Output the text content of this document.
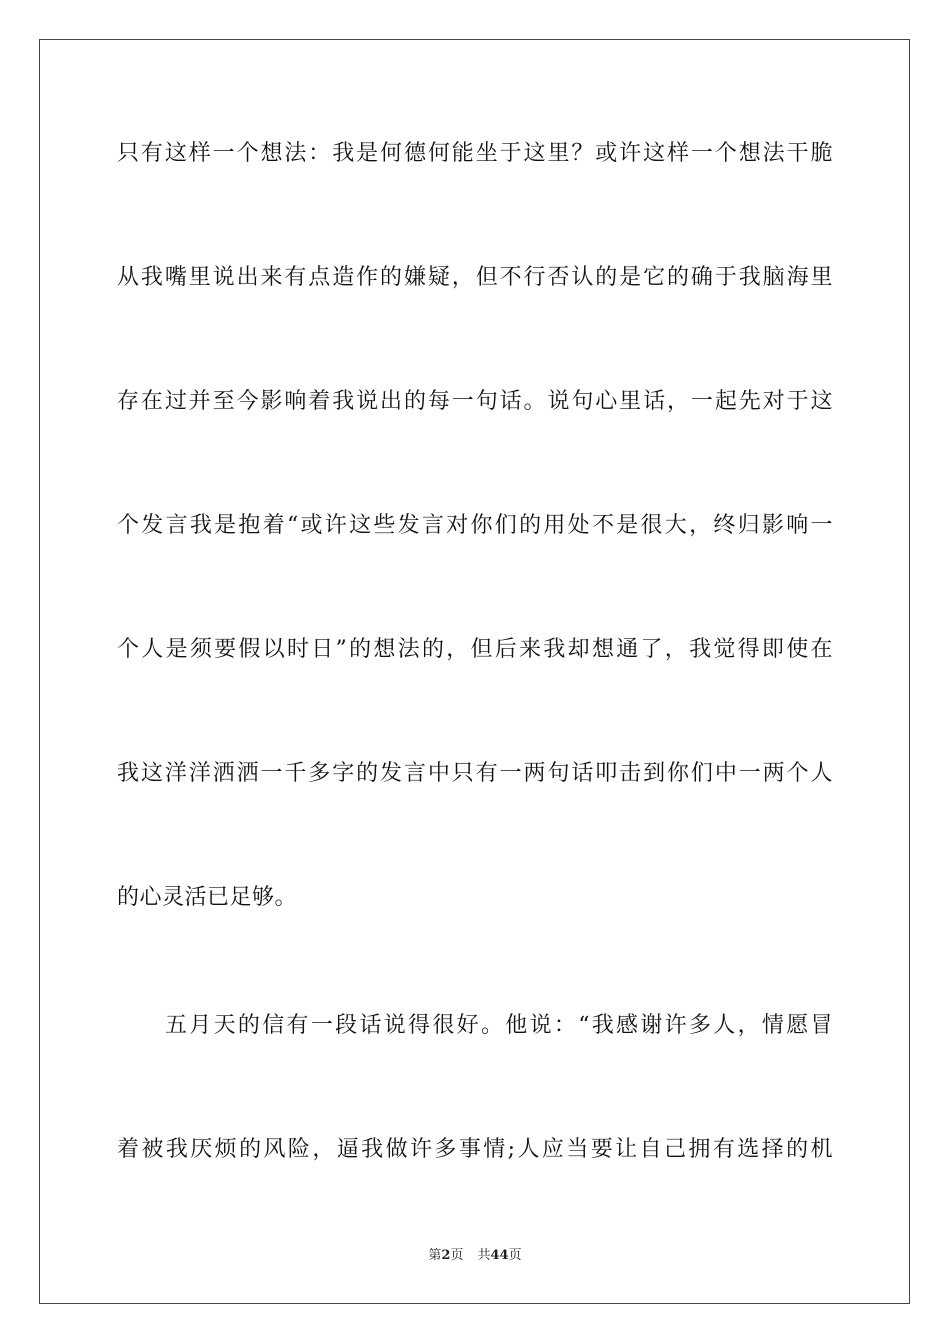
只有这样一个想法：我是何德何能坐于这里？或许这样一个想法干脆
从我嘴里说出来有点造作的嫌疑，但不行否认的是它的确于我脑海里
存在过并至今影响着我说出的每一句话。说句心里话，一起先对于这
个发言我是抱着“或许这些发言对你们的用处不是很大，终归影响一
个人是须要假以时日”的想法的，但后来我却想通了，我觉得即使在
我这洋洋洒洒一千多字的发言中只有一两句话叩击到你们中一两个人
的心灵活已足够。
五月天的信有一段话说得很好。他说：“我感谢许多人，情愿冒
着被我厌烦的风险，逼我做许多事情;人应当要让自己拥有选择的机
第2页 共44页
